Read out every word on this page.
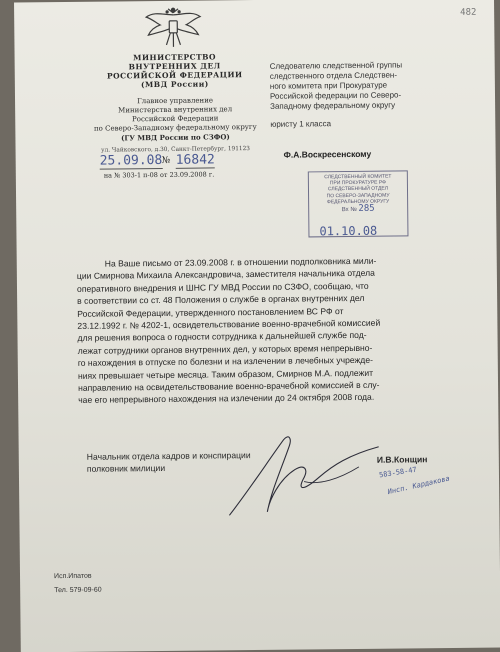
482
МИНИСТЕРСТВО
ВНУТРЕННИХ ДЕЛ
РОССИЙСКОЙ ФЕДЕРАЦИИ
(МВД России)
Главное управление
Министерства внутренних дел
Российской Федерации
по Северо-Западному федеральному округу
(ГУ МВД России по СЗФО)
ул. Чайковского, д.30, Санкт-Петербург, 191123
25.09.08 № 16842
на № 303-1 п-08 от 23.09.2008 г.
Следователю следственной группы
следственного отдела Следствен-
ного комитета при Прокуратуре
Российской федерации по Северо-
Западному федеральному округу
юристу 1 класса
Ф.А.Воскресенскому
СЛЕДСТВЕННЫЙ КОМИТЕТ
ПРИ ПРОКУРАТУРЕ РФ
СЛЕДСТВЕННЫЙ ОТДЕЛ
ПО СЕВЕРО-ЗАПАДНОМУ
ФЕДЕРАЛЬНОМУ ОКРУГУ
Вх № 285
01.10.08
На Ваше письмо от 23.09.2008 г. в отношении подполковника мили-
ции Смирнова Михаила Александровича, заместителя начальника отдела
оперативного внедрения и ШНС ГУ МВД России по СЗФО, сообщаю, что
в соответствии со ст. 48 Положения о службе в органах внутренних дел
Российской Федерации, утвержденного постановлением ВС РФ от
23.12.1992 г. № 4202-1, освидетельствование военно-врачебной комиссией
для решения вопроса о годности сотрудника к дальнейшей службе под-
лежат сотрудники органов внутренних дел, у которых время непрерывно-
го нахождения в отпуске по болезни и на излечении в лечебных учрежде-
ниях превышает четыре месяца. Таким образом, Смирнов М.А. подлежит
направлению на освидетельствование военно-врачебной комиссией в слу-
чае его непрерывного нахождения на излечении до 24 октября 2008 года.
Начальник отдела кадров и конспирации
полковник милиции
И.В.Конщин
583-58-47
Инсп. Кардакова
Исп.Ипатов
Тел. 579-09-60
